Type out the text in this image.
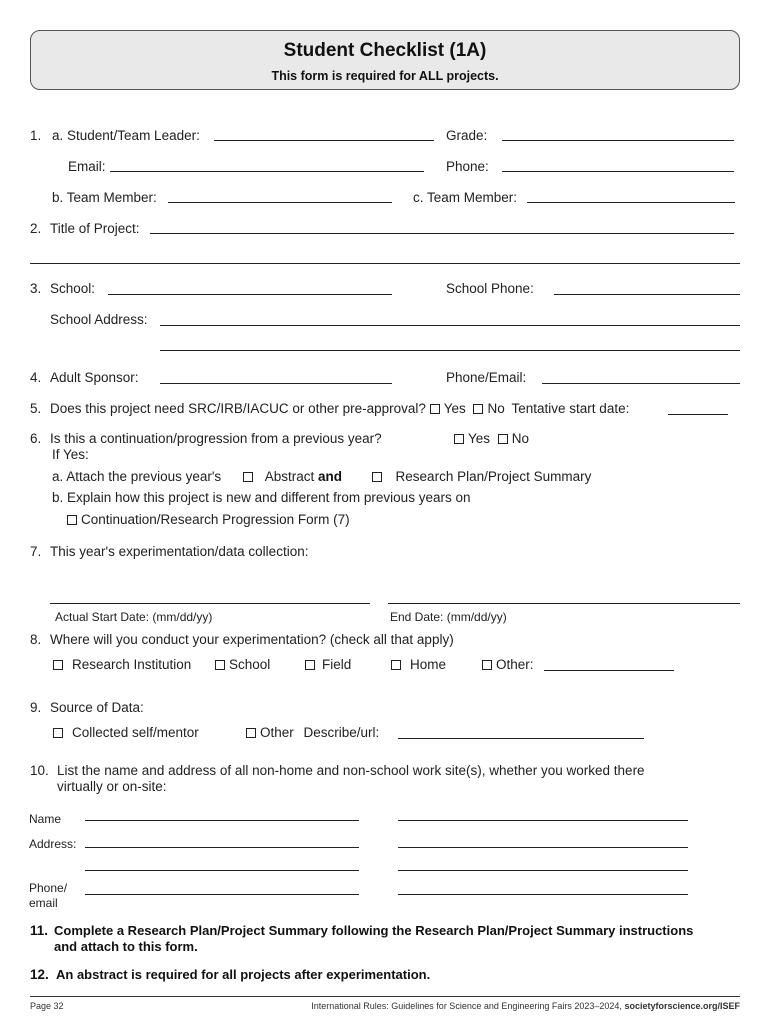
Student Checklist (1A)
This form is required for ALL projects.
1. a. Student/Team Leader:	Grade:
Email:	Phone:
b. Team Member:	c. Team Member:
2. Title of Project:
3. School:	School Phone:
School Address:
4. Adult Sponsor:	Phone/Email:
5. Does this project need SRC/IRB/IACUC or other pre-approval? Yes No Tentative start date:
6. Is this a continuation/progression from a previous year?	Yes No
If Yes:
a. Attach the previous year's	Abstract and	Research Plan/Project Summary
b. Explain how this project is new and different from previous years on
Continuation/Research Progression Form (7)
7. This year's experimentation/data collection:
Actual Start Date: (mm/dd/yy)	End Date: (mm/dd/yy)
8. Where will you conduct your experimentation? (check all that apply)
Research Institution	School	Field	Home	Other:
9. Source of Data:
Collected self/mentor	Other Describe/url:
10. List the name and address of all non-home and non-school work site(s), whether you worked there
virtually or on-site:
Name
Address:
Phone/
email
11. Complete a Research Plan/Project Summary following the Research Plan/Project Summary instructions
and attach to this form.
12. An abstract is required for all projects after experimentation.
Page 32	International Rules: Guidelines for Science and Engineering Fairs 2023–2024, societyforscience.org/ISEF
